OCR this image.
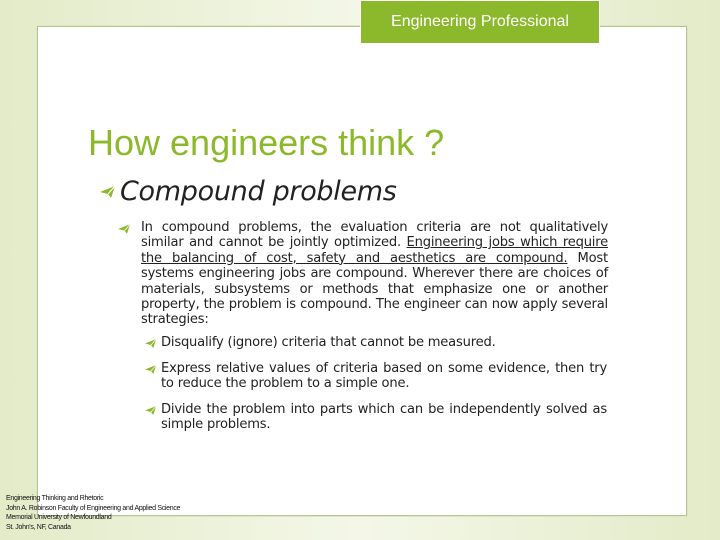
Engineering Professional
How engineers think ?
Compound problems
In compound problems, the evaluation criteria are not qualitatively similar and cannot be jointly optimized. Engineering jobs which require the balancing of cost, safety and aesthetics are compound. Most systems engineering jobs are compound. Wherever there are choices of materials, subsystems or methods that emphasize one or another property, the problem is compound. The engineer can now apply several strategies:
Disqualify (ignore) criteria that cannot be measured.
Express relative values of criteria based on some evidence, then try to reduce the problem to a simple one.
Divide the problem into parts which can be independently solved as simple problems.
Engineering Thinking and Rhetoric
John A. Robinson Faculty of Engineering and Applied Science
Memorial University of Newfoundland
St. John's, NF, Canada
